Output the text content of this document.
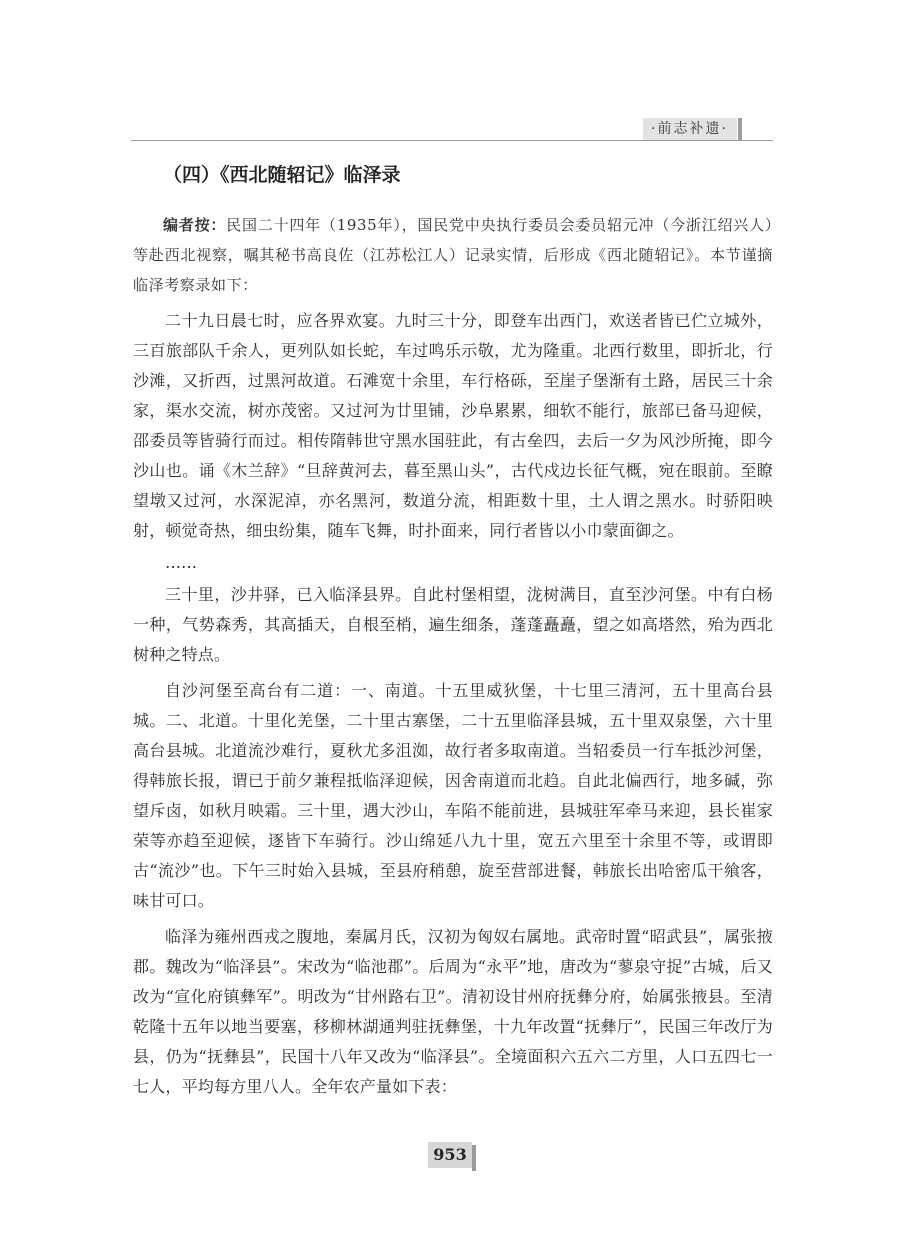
·前志补遗·
（四）《西北随轺记》临泽录

编者按：民国二十四年（1935年），国民党中央执行委员会委员轺元冲（今浙江绍兴人）等赴西北视察，嘱其秘书高良佐（江苏松江人）记录实情，后形成《西北随轺记》。本节谨摘临泽考察录如下：

二十九日晨七时，应各界欢宴。九时三十分，即登车出西门，欢送者皆已伫立城外，三百旅部队千余人，更列队如长蛇，车过鸣乐示敬，尤为隆重。北西行数里，即折北，行沙滩，又折西，过黑河故道。石滩宽十余里，车行格砾，至崖子堡渐有土路，居民三十余家，渠水交流，树亦茂密。又过河为廿里铺，沙阜累累，细软不能行，旅部已备马迎候，邵委员等皆骑行而过。相传隋韩世守黑水国驻此，有古垒四，去后一夕为风沙所掩，即今沙山也。诵《木兰辞》“旦辞黄河去，暮至黑山头”，古代戍边长征气概，宛在眼前。至瞭望墩又过河，水深泥淖，亦名黑河，数道分流，相距数十里，土人谓之黑水。时骄阳映射，顿觉奇热，细虫纷集，随车飞舞，时扑面来，同行者皆以小巾蒙面御之。

……

三十里，沙井驿，已入临泽县界。自此村堡相望，泷树满目，直至沙河堡。中有白杨一种，气势森秀，其高插天，自根至梢，遍生细条，蓬蓬矗矗，望之如高塔然，殆为西北树种之特点。

自沙河堡至高台有二道：一、南道。十五里威狄堡，十七里三清河，五十里高台县城。二、北道。十里化羌堡，二十里古寨堡，二十五里临泽县城，五十里双泉堡，六十里高台县城。北道流沙难行，夏秋尤多沮洳，故行者多取南道。当轺委员一行车抵沙河堡，得韩旅长报，谓已于前夕兼程抵临泽迎候，因舍南道而北趋。自此北偏西行，地多碱，弥望斥卤，如秋月映霜。三十里，遇大沙山，车陷不能前进，县城驻军牵马来迎，县长崔家荣等亦趋至迎候，逐皆下车骑行。沙山绵延八九十里，宽五六里至十余里不等，或谓即古“流沙”也。下午三时始入县城，至县府稍憩，旋至营部进餐，韩旅长出哈密瓜干飨客，味甘可口。

临泽为雍州西戎之腹地，秦属月氏，汉初为匈奴右属地。武帝时置“昭武县”，属张掖郡。魏改为“临泽县”。宋改为“临池郡”。后周为“永平”地，唐改为“蓼泉守捉”古城，后又改为“宣化府镇彝军”。明改为“甘州路右卫”。清初设甘州府抚彝分府，始属张掖县。至清乾隆十五年以地当要塞，移柳林湖通判驻抚彝堡，十九年改置“抚彝厅”，民国三年改厅为县，仍为“抚彝县”，民国十八年又改为“临泽县”。全境面积六五六二方里，人口五四七一七人，平均每方里八人。全年农产量如下表：

953
